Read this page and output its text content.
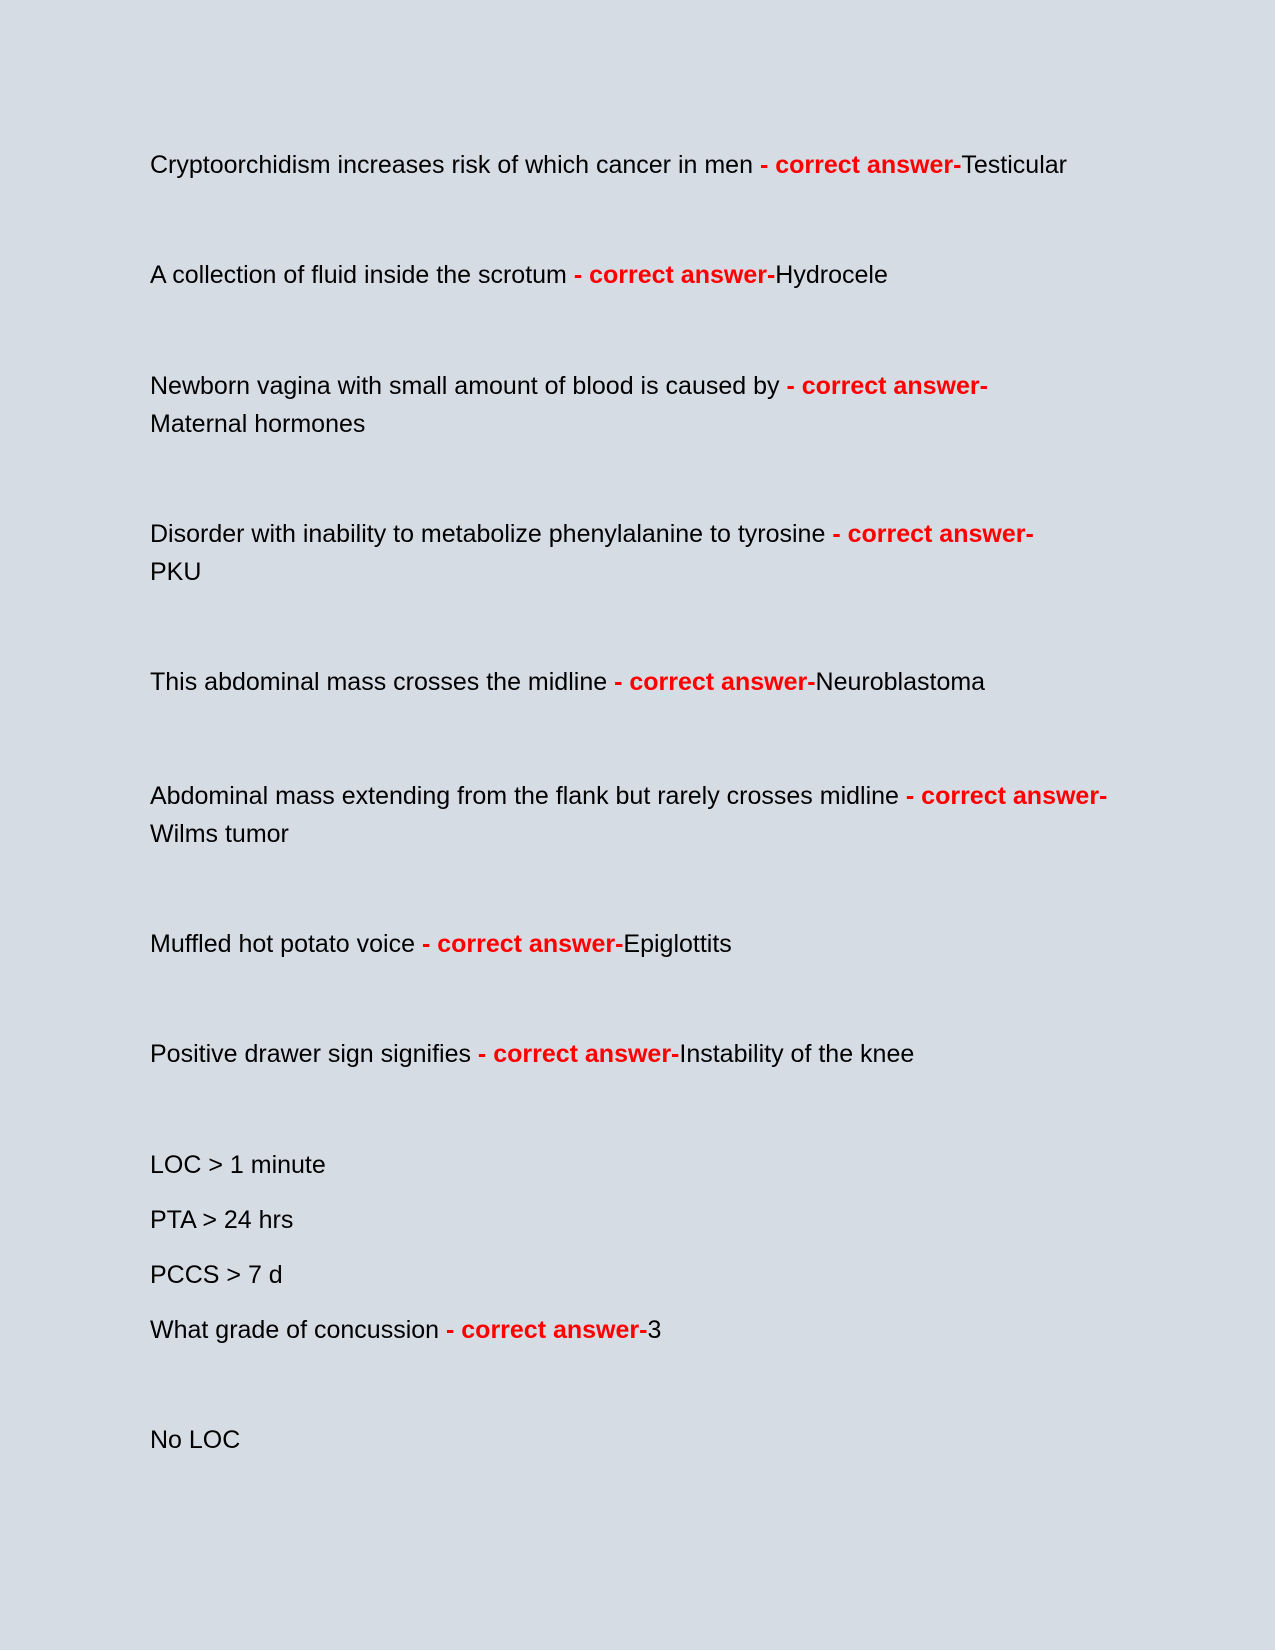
Cryptoorchidism increases risk of which cancer in men - correct answer-Testicular

A collection of fluid inside the scrotum - correct answer-Hydrocele

Newborn vagina with small amount of blood is caused by - correct answer-
Maternal hormones

Disorder with inability to metabolize phenylalanine to tyrosine - correct answer-
PKU

This abdominal mass crosses the midline - correct answer-Neuroblastoma

Abdominal mass extending from the flank but rarely crosses midline - correct answer-Wilms tumor

Muffled hot potato voice - correct answer-Epiglottits

Positive drawer sign signifies - correct answer-Instability of the knee

LOC > 1 minute

PTA > 24 hrs

PCCS > 7 d

What grade of concussion - correct answer-3

No LOC
